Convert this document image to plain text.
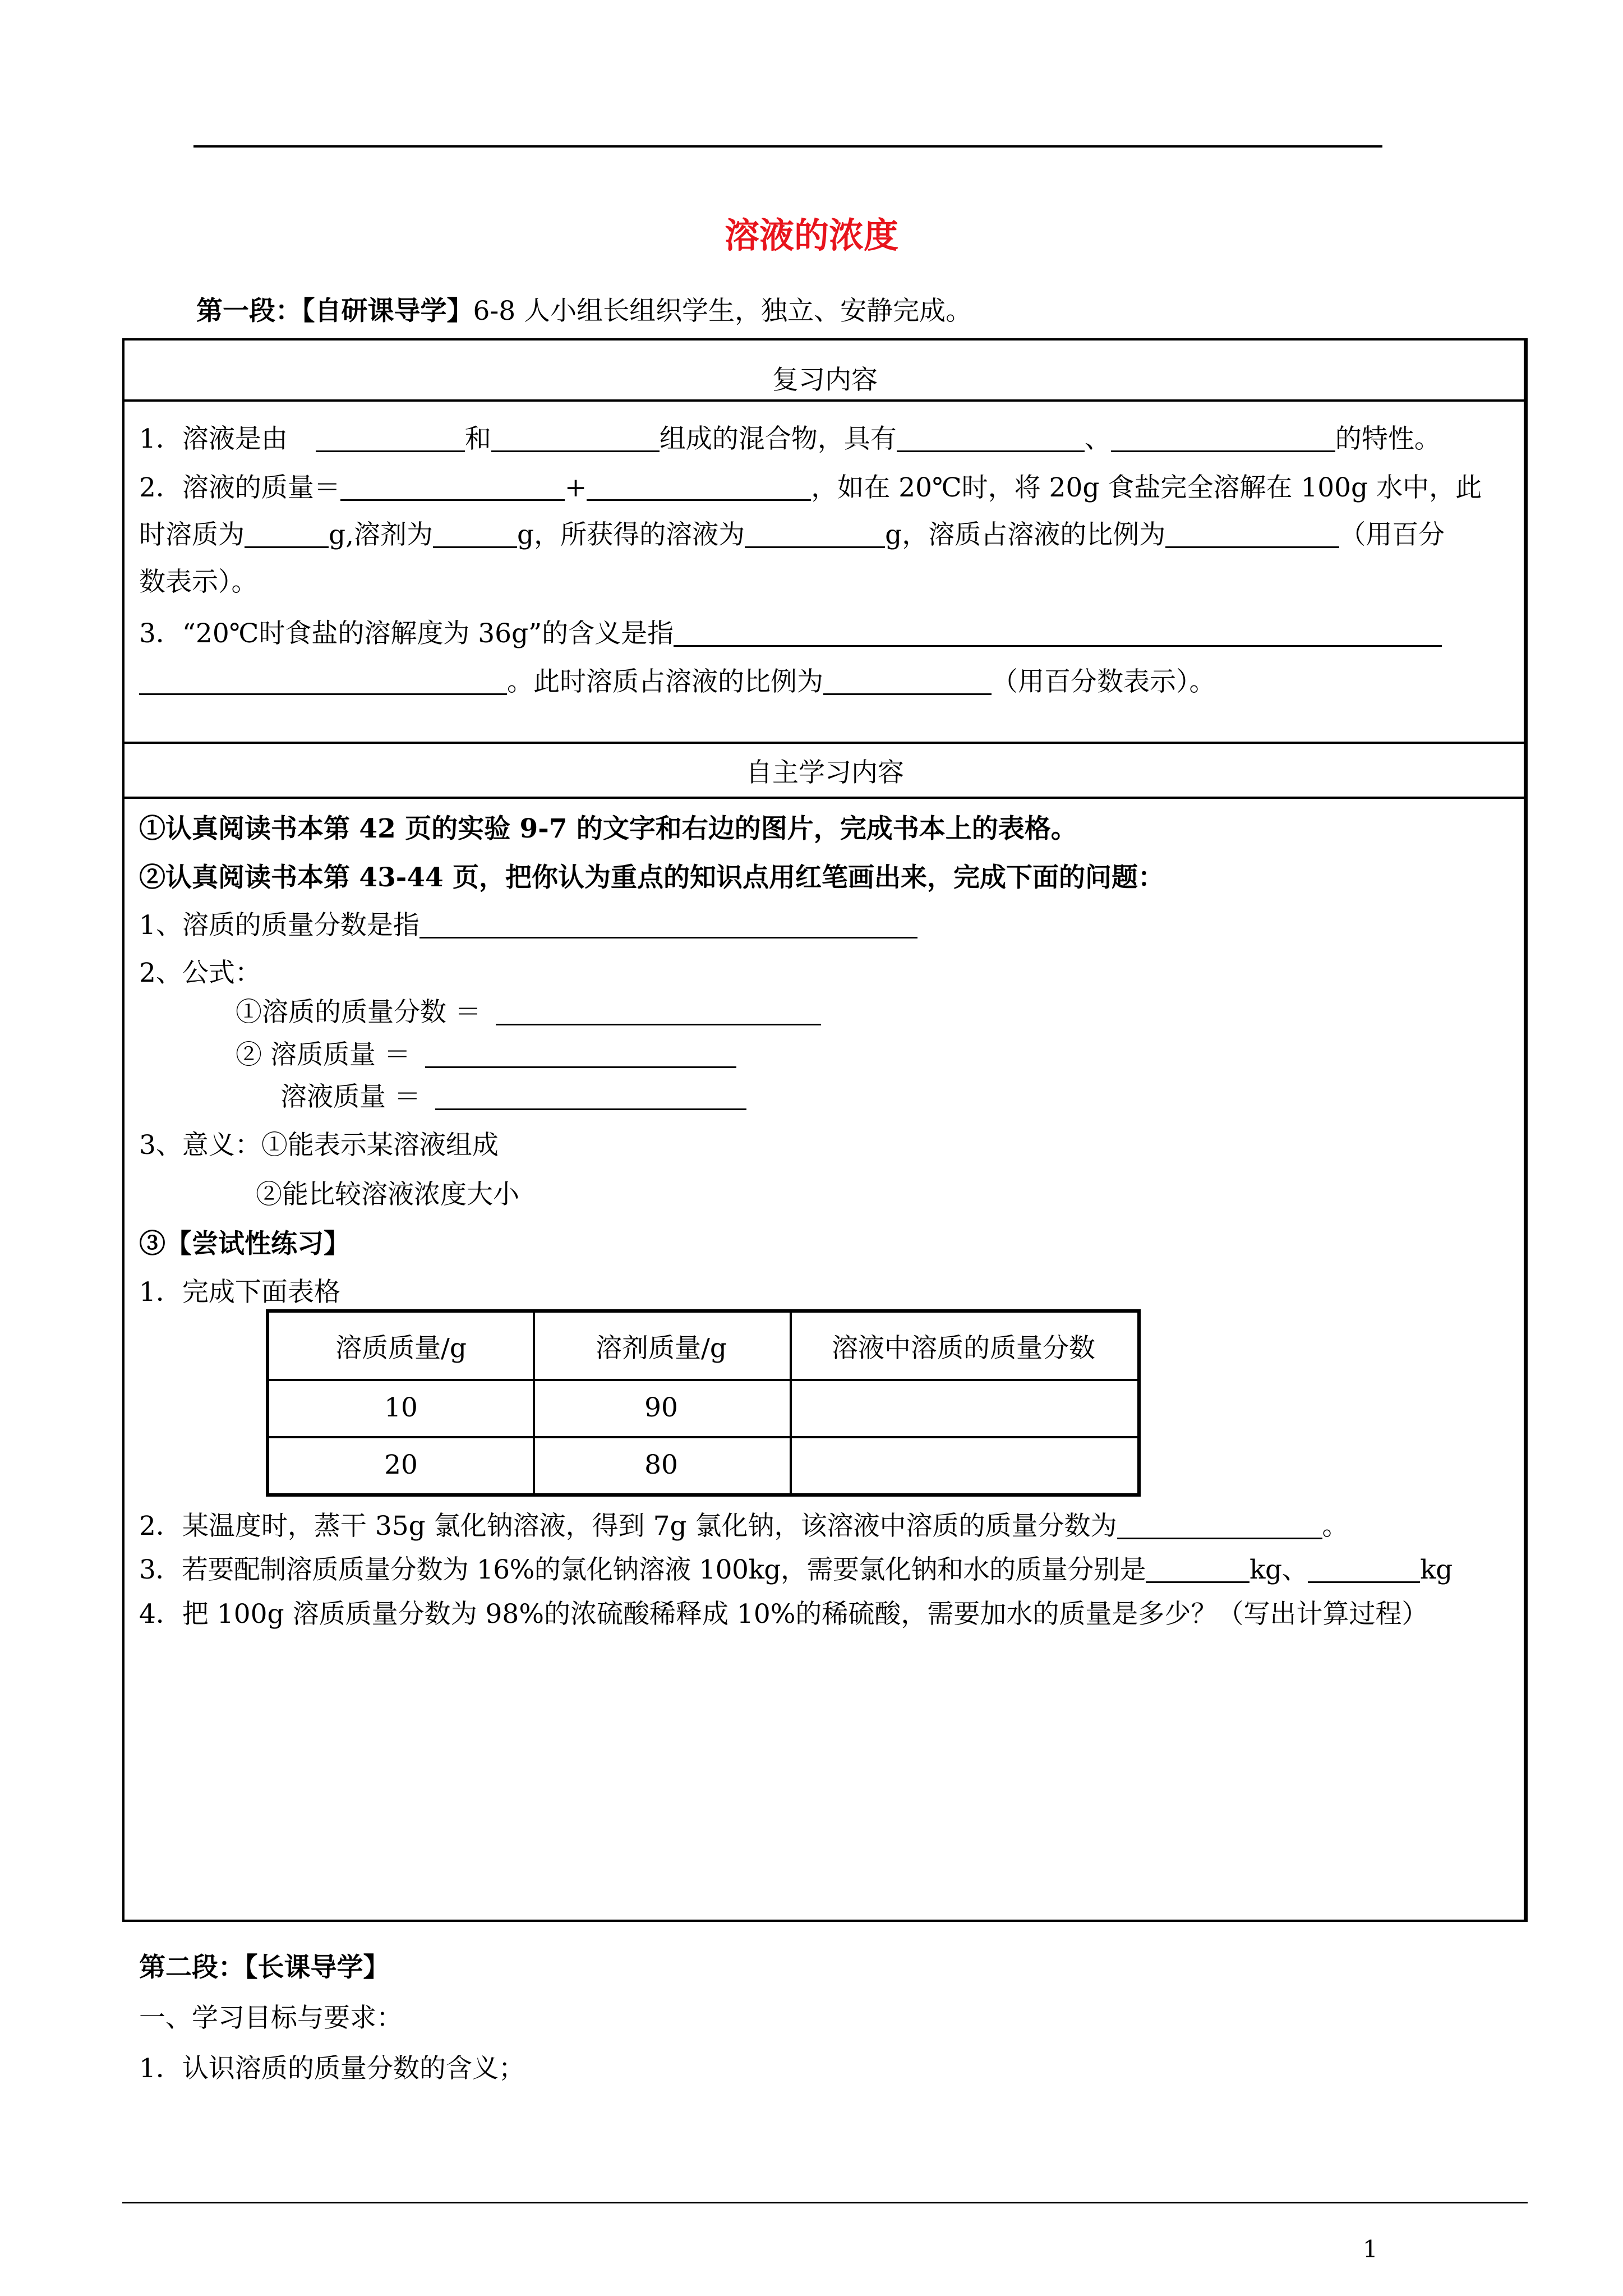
溶液的浓度
第一段：【自研课导学】6-8 人小组长组织学生，独立、安静完成。
复习内容
1．溶液是由	和	组成的混合物，具有	、	的特性。
2．溶液的质量＝	+	，如在 20℃时，将 20g 食盐完全溶解在 100g 水中，此
时溶质为	g,溶剂为	g，所获得的溶液为	g，溶质占溶液的比例为	（用百分
数表示）。
3．“20℃时食盐的溶解度为 36g”的含义是指
。此时溶质占溶液的比例为	（用百分数表示）。
自主学习内容
①认真阅读书本第 42 页的实验 9-7 的文字和右边的图片，完成书本上的表格。
②认真阅读书本第 43-44 页，把你认为重点的知识点用红笔画出来，完成下面的问题：
1、溶质的质量分数是指
2、公式：
①溶质的质量分数 ＝
② 溶质质量 ＝
溶液质量 ＝
3、意义：①能表示某溶液组成
②能比较溶液浓度大小
③【尝试性练习】
1．完成下面表格
溶质质量/g	溶剂质量/g	溶液中溶质的质量分数
10	90
20	80
2．某温度时，蒸干 35g 氯化钠溶液，得到 7g 氯化钠，该溶液中溶质的质量分数为	。
3．若要配制溶质质量分数为 16%的氯化钠溶液 100kg，需要氯化钠和水的质量分别是	kg、	kg
4．把 100g 溶质质量分数为 98%的浓硫酸稀释成 10%的稀硫酸，需要加水的质量是多少？（写出计算过程）
第二段：【长课导学】
一、学习目标与要求：
1．认识溶质的质量分数的含义；
1
